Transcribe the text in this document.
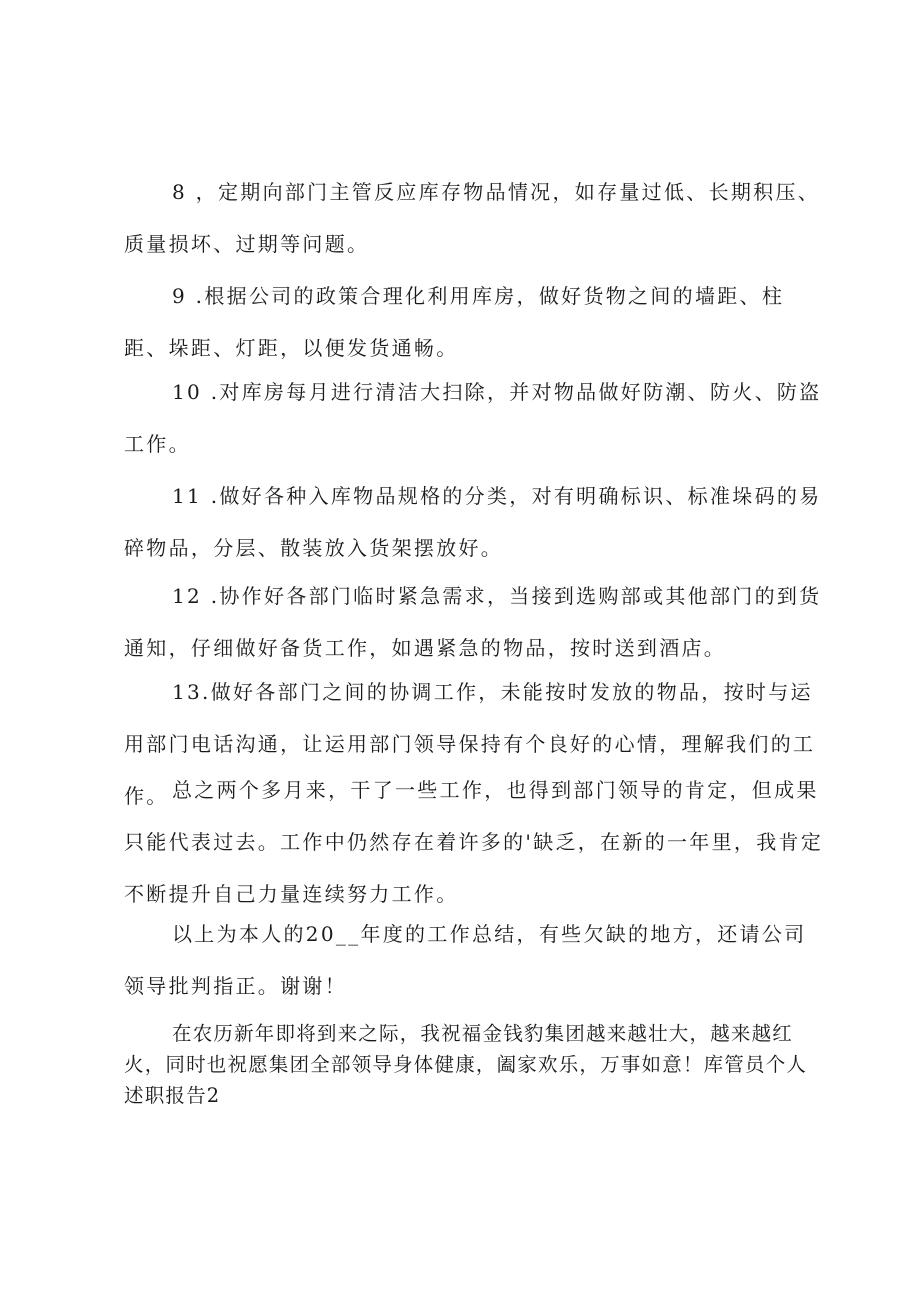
8 ，定期向部门主管反应库存物品情况，如存量过低、长期积压、质量损坏、过期等问题。

9 .根据公司的政策合理化利用库房，做好货物之间的墙距、柱距、垛距、灯距，以便发货通畅。

10 .对库房每月进行清洁大扫除，并对物品做好防潮、防火、防盗工作。

11 .做好各种入库物品规格的分类，对有明确标识、标准垛码的易碎物品，分层、散装放入货架摆放好。

12 .协作好各部门临时紧急需求，当接到选购部或其他部门的到货通知，仔细做好备货工作，如遇紧急的物品，按时送到酒店。

13.做好各部门之间的协调工作，未能按时发放的物品，按时与运用部门电话沟通，让运用部门领导保持有个良好的心情，理解我们的工作。 总之两个多月来，干了一些工作，也得到部门领导的肯定，但成果只能代表过去。工作中仍然存在着许多的'缺乏，在新的一年里，我肯定不断提升自己力量连续努力工作。

以上为本人的20__年度的工作总结，有些欠缺的地方，还请公司领导批判指正。谢谢！

在农历新年即将到来之际，我祝福金钱豹集团越来越壮大，越来越红火，同时也祝愿集团全部领导身体健康，阖家欢乐，万事如意！库管员个人述职报告2
